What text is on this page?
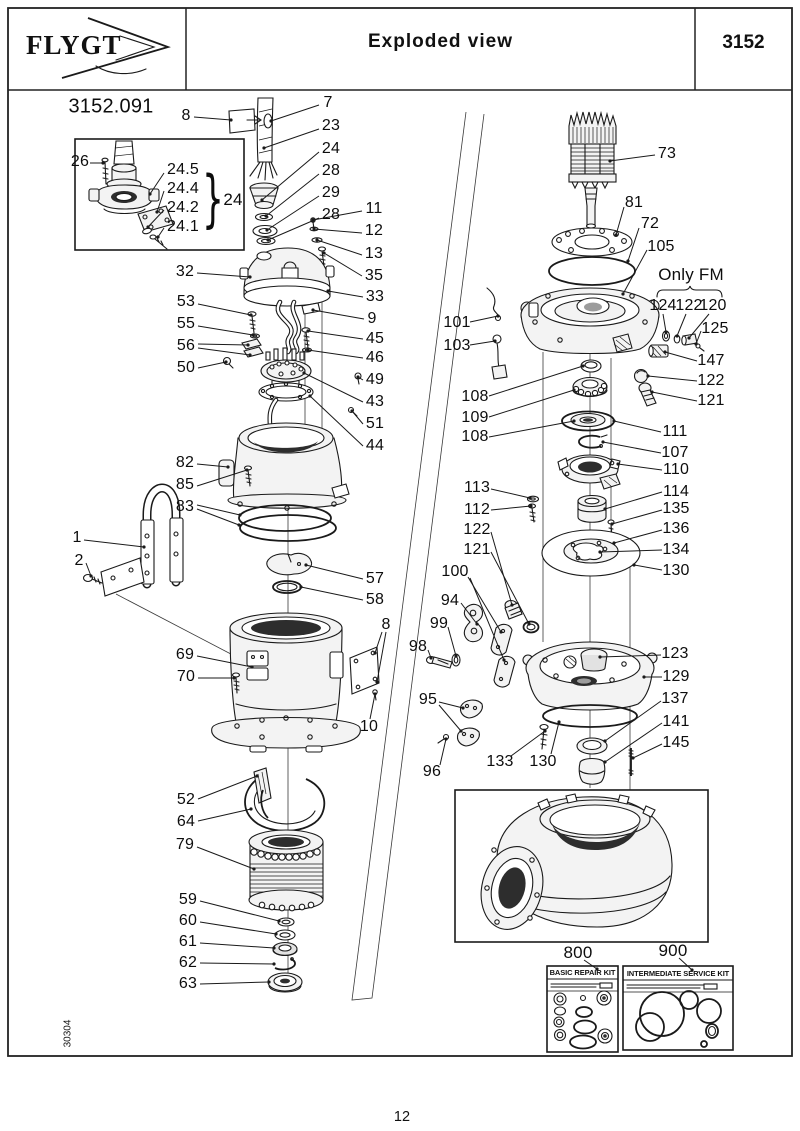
3152.091 8
7
23
24
28
29
28 11
12
13
35
32
33
9
53
55
56
50
45
46
49
43
51
44
82
85
83
1
2
57
58
8
69
70
10
52
64
79
59
60
61
62
63
26	24.5
24.4
24.2
24.1 } 24
73
81
72
105
Only FM
124
122
120
125
101
103
147
122
121
108
109
108	111
107
110
114
135
136
134
130
113
112
122
121
100
94
99
98
95
96
123
129
137
141
145
133 130
800	900
FLYGT	Exploded view	3152
BASIC REPAIR KIT	INTERMEDIATE SERVICE KIT
30304
12
